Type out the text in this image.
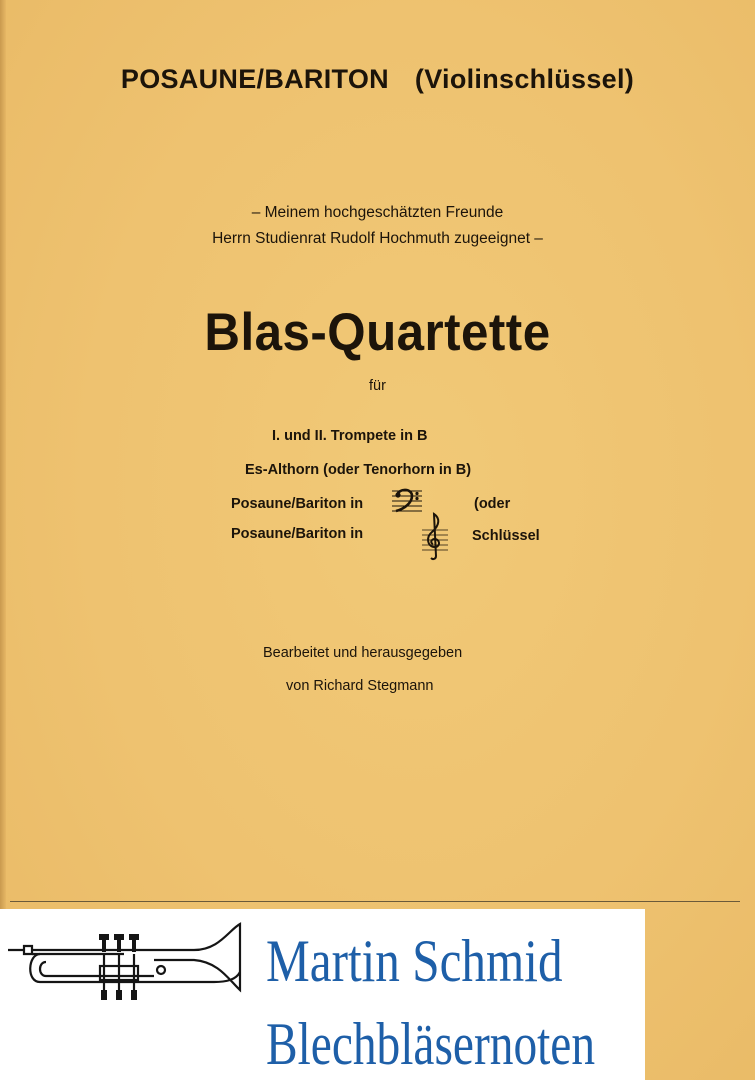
POSAUNE/BARITON (Violinschlüssel)
– Meinem hochgeschätzten Freunde
Herrn Studienrat Rudolf Hochmuth zugeeignet –
Blas-Quartette
für
I. und II. Trompete in B
Es-Althorn (oder Tenorhorn in B)
Posaune/Bariton in	(oder
Posaune/Bariton in	Schlüssel
Bearbeitet und herausgegeben
von Richard Stegmann
Martin Schmid
Blechbläsernoten
